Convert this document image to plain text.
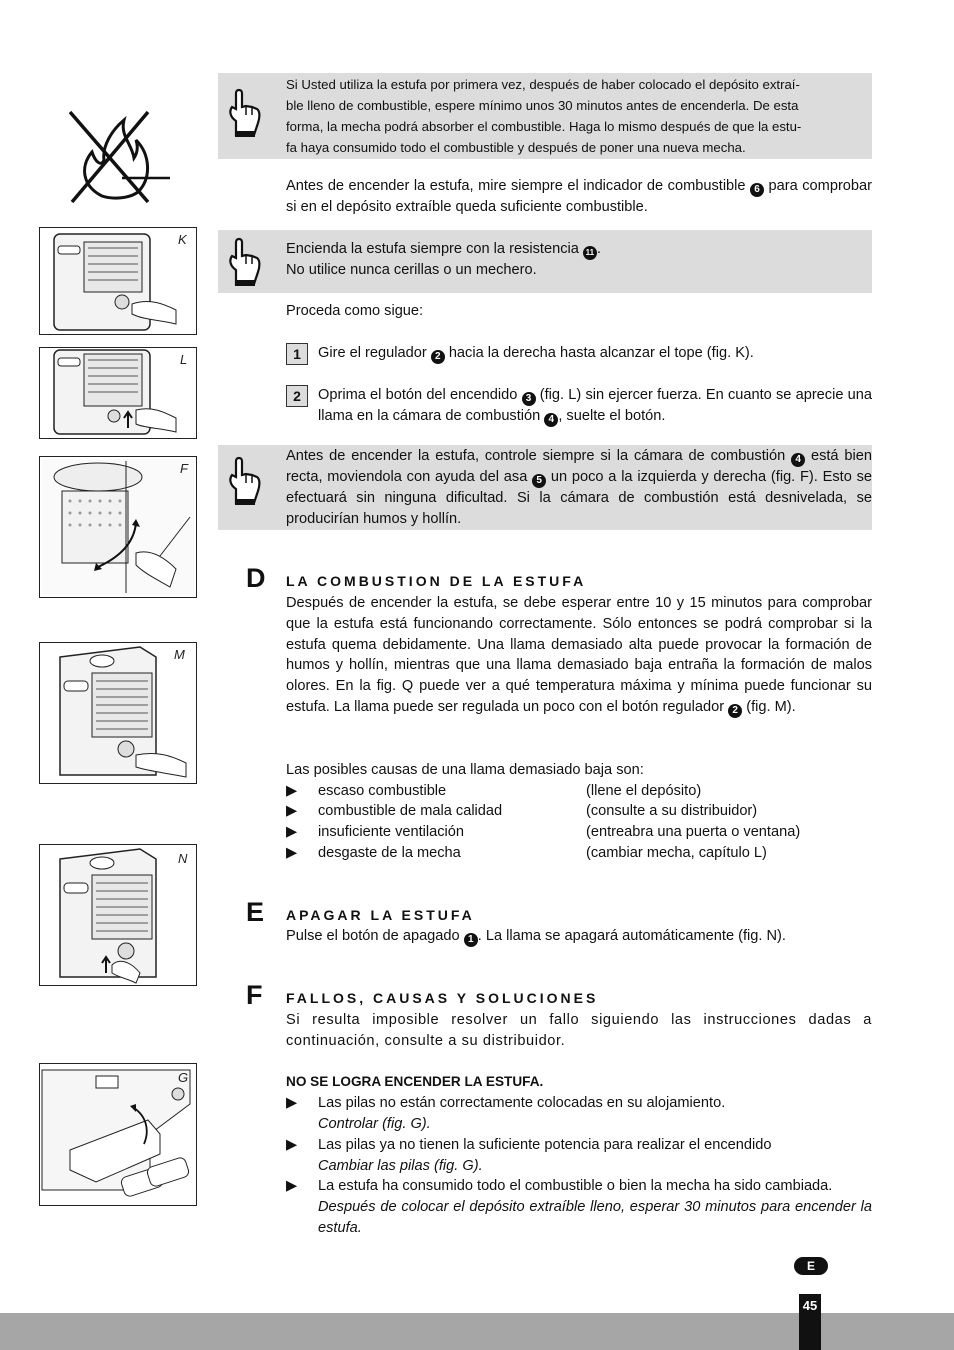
Si Usted utiliza la estufa por primera vez, después de haber colocado el depósito extraí-
ble lleno de combustible, espere mínimo unos 30 minutos antes de encenderla. De esta
forma, la mecha podrá absorber el combustible. Haga lo mismo después de que la estu-
fa haya consumido todo el combustible y después de poner una nueva mecha.
Antes de encender la estufa, mire siempre el indicador de combustible 6 para comprobar si en el depósito extraíble queda suficiente combustible.
Encienda la estufa siempre con la resistencia 11 .
No utilice nunca cerillas o un mechero.
Proceda como sigue:
1	Gire el regulador 2 hacia la derecha hasta alcanzar el tope (fig. K).
2	Oprima el botón del encendido 3 (fig. L) sin ejercer fuerza. En cuanto se aprecie una llama en la cámara de combustión 4 , suelte el botón.
Antes de encender la estufa, controle siempre si la cámara de combustión 4 está bien recta, moviendola con ayuda del asa 5 un poco a la izquierda y derecha (fig. F). Esto se efectuará sin ninguna dificultad. Si la cámara de combustión está desnivelada, se producirían humos y hollín.
D LA COMBUSTION DE LA ESTUFA
Después de encender la estufa, se debe esperar entre 10 y 15 minutos para comprobar que la estufa está funcionando correctamente. Sólo entonces se podrá comprobar si la estufa quema debidamente. Una llama demasiado alta puede provocar la formación de humos y hollín, mientras que una llama demasiado baja entraña la formación de malos olores. En la fig. Q puede ver a qué temperatura máxima y mínima puede funcionar su estufa. La llama puede ser regulada un poco con el botón regulador 2 (fig. M).
Las posibles causas de una llama demasiado baja son:
▶ escaso combustible	(llene el depósito)
▶ combustible de mala calidad	(consulte a su distribuidor)
▶ insuficiente ventilación	(entreabra una puerta o ventana)
▶ desgaste de la mecha	(cambiar mecha, capítulo L)
E APAGAR LA ESTUFA
Pulse el botón de apagado 1 . La llama se apagará automáticamente (fig. N).
F FALLOS, CAUSAS Y SOLUCIONES
Si resulta imposible resolver un fallo siguiendo las instrucciones dadas a continuación, consulte a su distribuidor.
NO SE LOGRA ENCENDER LA ESTUFA.
▶ Las pilas no están correctamente colocadas en su alojamiento.
Controlar (fig. G).
▶ Las pilas ya no tienen la suficiente potencia para realizar el encendido
Cambiar las pilas (fig. G).
▶ La estufa ha consumido todo el combustible o bien la mecha ha sido cambiada.
Después de colocar el depósito extraíble lleno, esperar 30 minutos para encender la estufa.
K
L
F
M
N
G
E
45
